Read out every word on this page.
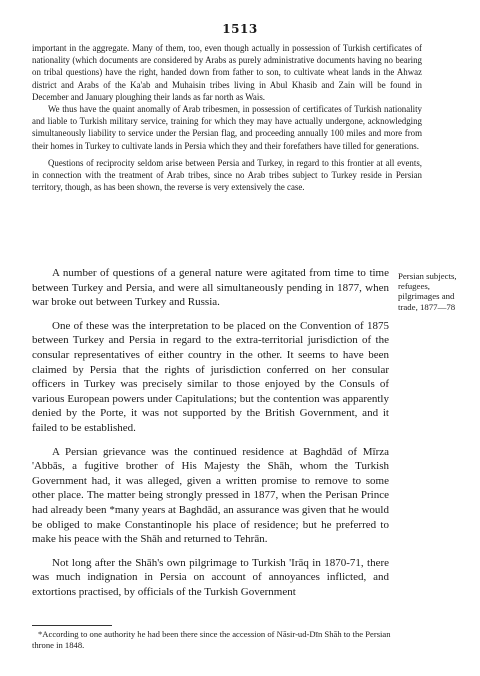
1513

important in the aggregate. Many of them, too, even though actually in possession of Turkish certificates of nationality (which documents are considered by Arabs as purely administrative documents having no bearing on tribal questions) have the right, handed down from father to son, to cultivate wheat lands in the Ahwaz district and Arabs of the Ka'ab and Muhaisin tribes living in Abul Khasib and Zain will be found in December and January ploughing their lands as far north as Wais.

We thus have the quaint anomally of Arab tribesmen, in possession of certificates of Turkish nationality and liable to Turkish military service, training for which they may have actually undergone, acknowledging simultaneously liability to service under the Persian flag, and proceeding annually 100 miles and more from their homes in Turkey to cultivate lands in Persia which they and their forefathers have tilled for generations.

Questions of reciprocity seldom arise between Persia and Turkey, in regard to this frontier at all events, in connection with the treatment of Arab tribes, since no Arab tribes subject to Turkey reside in Persian territory, though, as has been shown, the reverse is very extensively the case.

A number of questions of a general nature were agitated from time to time between Turkey and Persia, and were all simultaneously pending in 1877, when war broke out between Turkey and Russia.

One of these was the interpretation to be placed on the Convention of 1875 between Turkey and Persia in regard to the extra-territorial jurisdiction of the consular representatives of either country in the other. It seems to have been claimed by Persia that the rights of jurisdiction conferred on her consular officers in Turkey was precisely similar to those enjoyed by the Consuls of various European powers under Capitulations; but the contention was apparently denied by the Porte, it was not supported by the British Government, and it failed to be established.

A Persian grievance was the continued residence at Baghdād of Mīrza 'Abbās, a fugitive brother of His Majesty the Shāh, whom the Turkish Government had, it was alleged, given a written promise to remove to some other place. The matter being strongly pressed in 1877, when the Perisan Prince had already been *many years at Baghdād, an assurance was given that he would be obliged to make Constantinople his place of residence; but he preferred to make his peace with the Shāh and returned to Tehrān.

Not long after the Shāh's own pilgrimage to Turkish 'Irāq in 1870-71, there was much indignation in Persia on account of annoyances inflicted, and extortions practised, by officials of the Turkish Government

Persian subjects, refugees, pilgrimages and trade, 1877—78

*According to one authority he had been there since the accession of Nāsir-ud-Dīn Shāh to the Persian throne in 1848.
